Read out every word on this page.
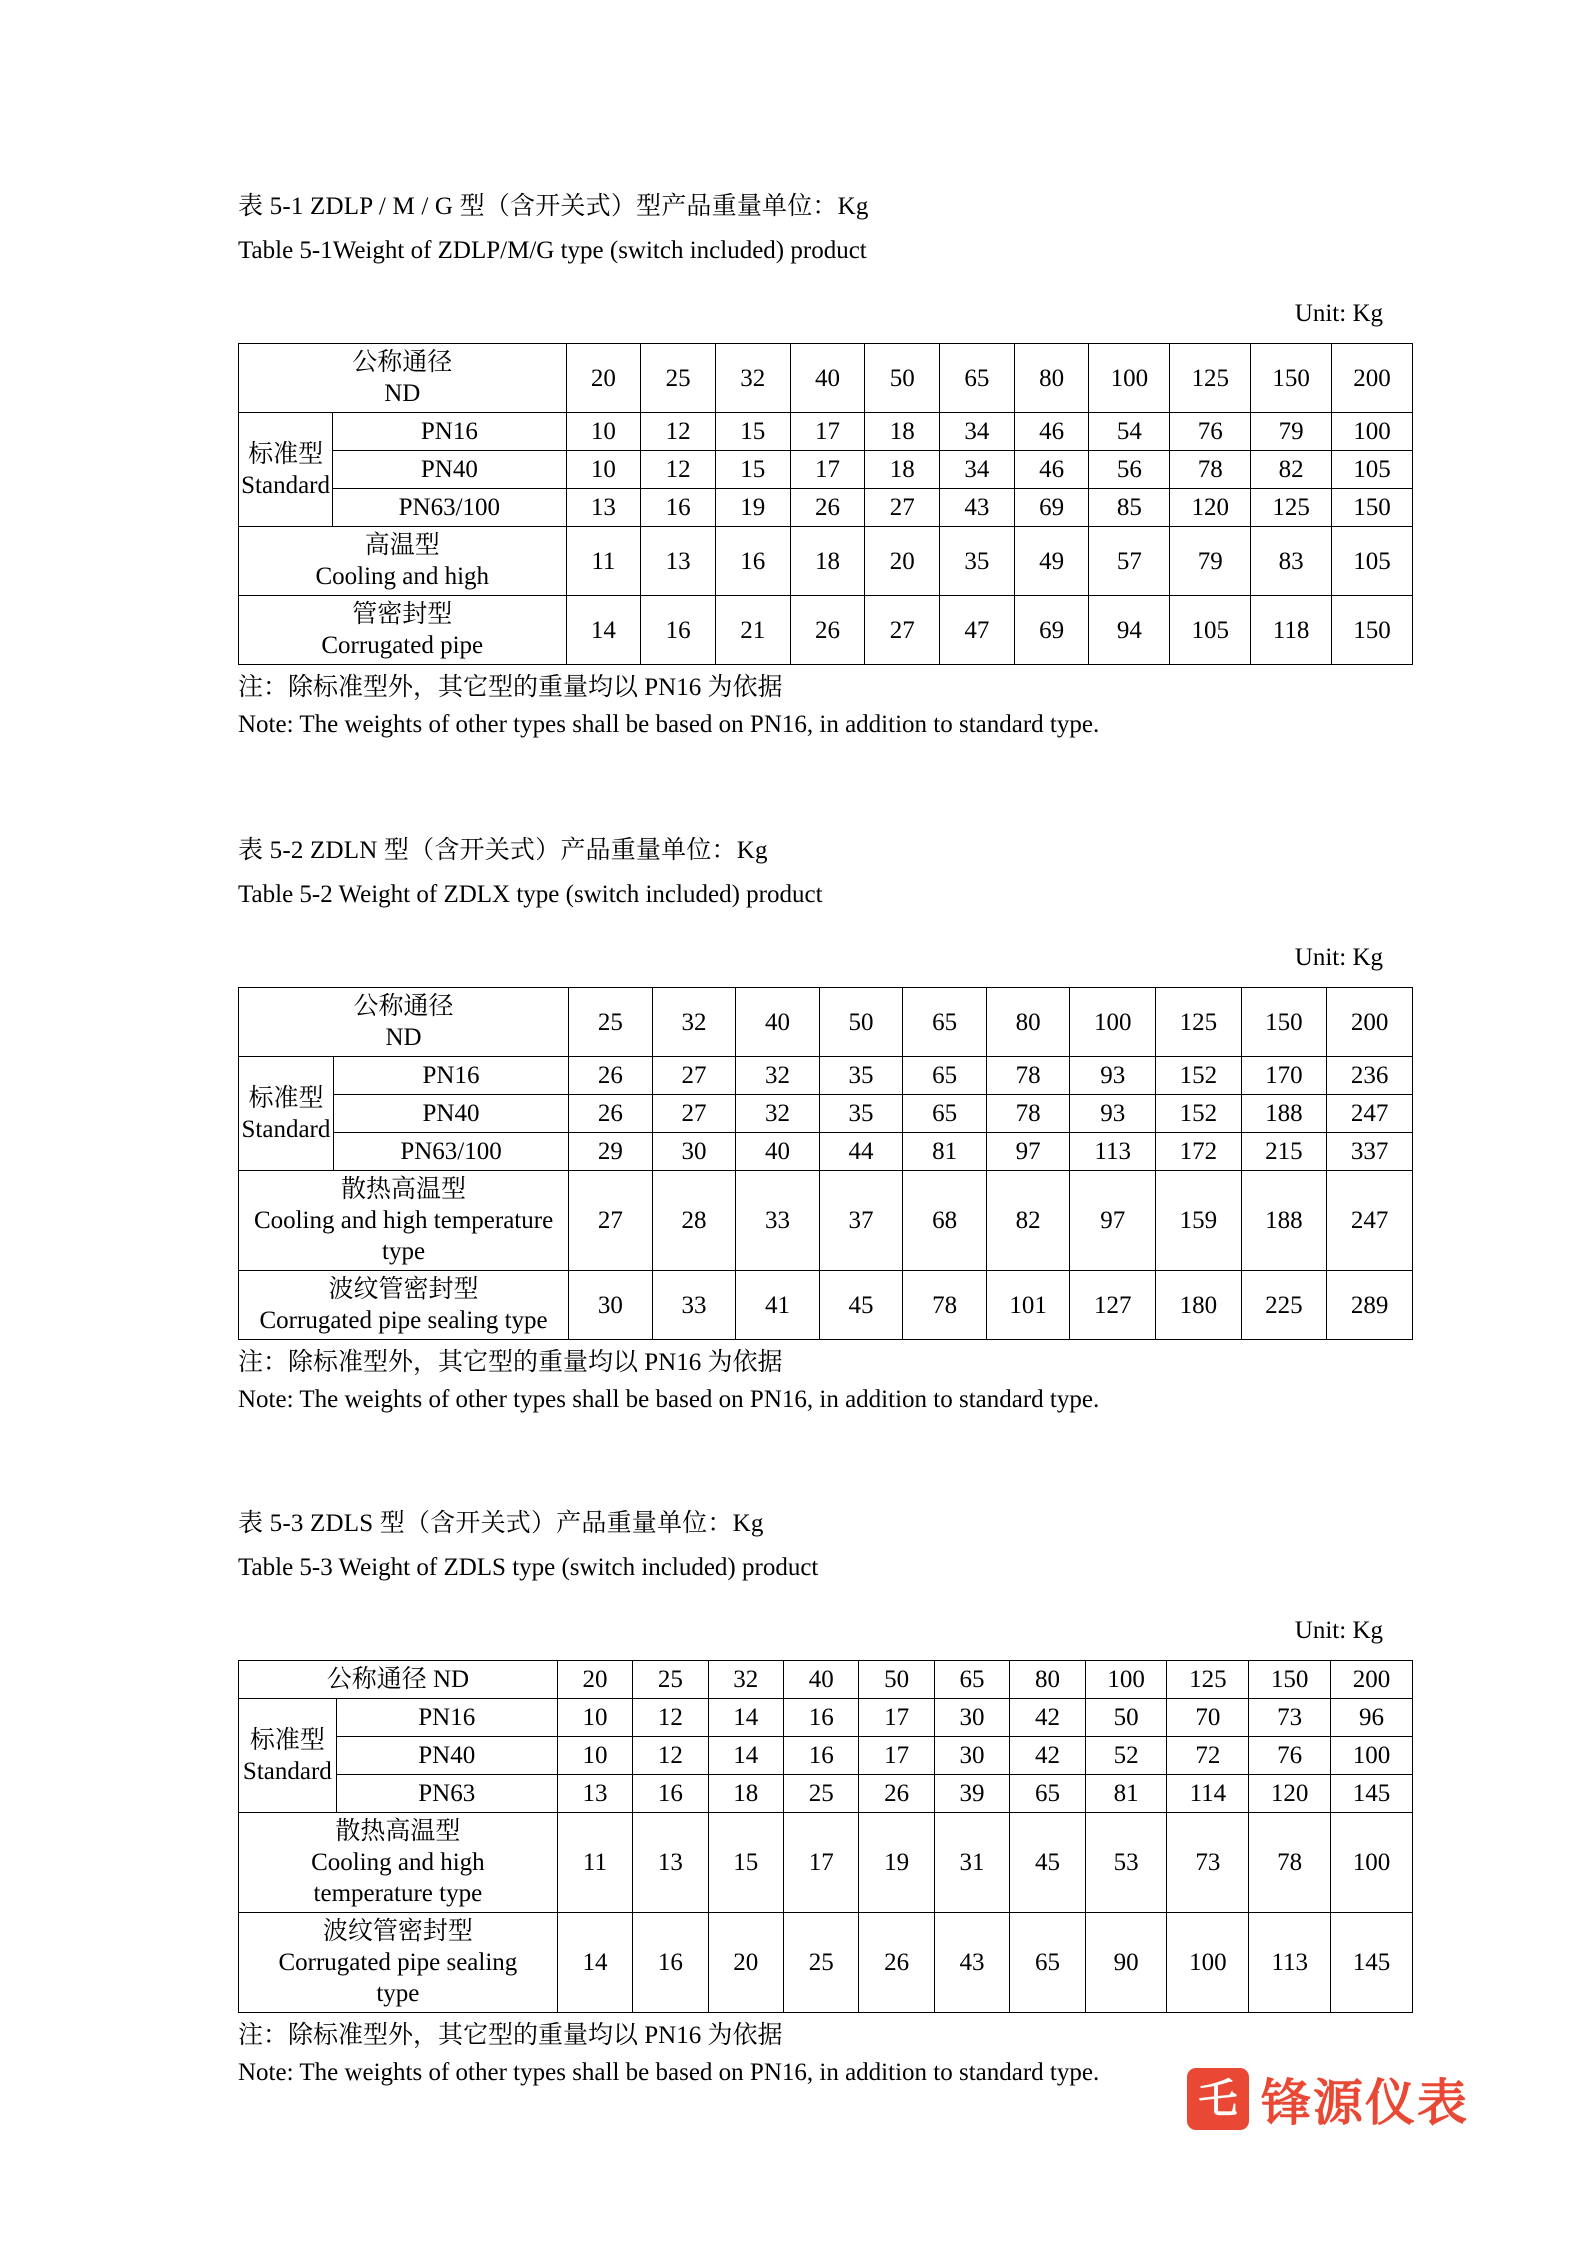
表 5-1 ZDLP / M / G 型（含开关式）型产品重量单位：Kg
Table 5-1Weight of ZDLP/M/G type (switch included) product
Unit: Kg
公称通径
ND		20	25	32	40	50	65	80	100	125	150	200

标准型
Standard	PN16	10	12	15	17	18	34	46	54	76	79	100
	PN40	10	12	15	17	18	34	46	56	78	82	105
	PN63/100	13	16	19	26	27	43	69	85	120	125	150

高温型
Cooling and high		11	13	16	18	20	35	49	57	79	83	105

管密封型
Corrugated pipe		14	16	21	26	27	47	69	94	105	118	150
注：除标准型外，其它型的重量均以 PN16 为依据
Note: The weights of other types shall be based on PN16, in addition to standard type.
表 5-2 ZDLN 型（含开关式）产品重量单位：Kg
Table 5-2 Weight of ZDLX type (switch included) product
Unit: Kg
公称通径
ND		25	32	40	50	65	80	100	125	150	200

标准型
Standard	PN16	26	27	32	35	65	78	93	152	170	236
	PN40	26	27	32	35	65	78	93	152	188	247
	PN63/100	29	30	40	44	81	97	113	172	215	337

散热高温型
Cooling and high temperature
type		27	28	33	37	68	82	97	159	188	247

波纹管密封型
Corrugated pipe sealing type		30	33	41	45	78	101	127	180	225	289
注：除标准型外，其它型的重量均以 PN16 为依据
Note: The weights of other types shall be based on PN16, in addition to standard type.
表 5-3 ZDLS 型（含开关式）产品重量单位：Kg
Table 5-3 Weight of ZDLS type (switch included) product
Unit: Kg
公称通径 ND		20	25	32	40	50	65	80	100	125	150	200

标准型
Standard	PN16	10	12	14	16	17	30	42	50	70	73	96
	PN40	10	12	14	16	17	30	42	52	72	76	100
	PN63	13	16	18	25	26	39	65	81	114	120	145

散热高温型
Cooling and high
temperature type		11	13	15	17	19	31	45	53	73	78	100

波纹管密封型
Corrugated pipe sealing
type		14	16	20	25	26	43	65	90	100	113	145
注：除标准型外，其它型的重量均以 PN16 为依据
Note: The weights of other types shall be based on PN16, in addition to standard type.
乇 锋源仪表
